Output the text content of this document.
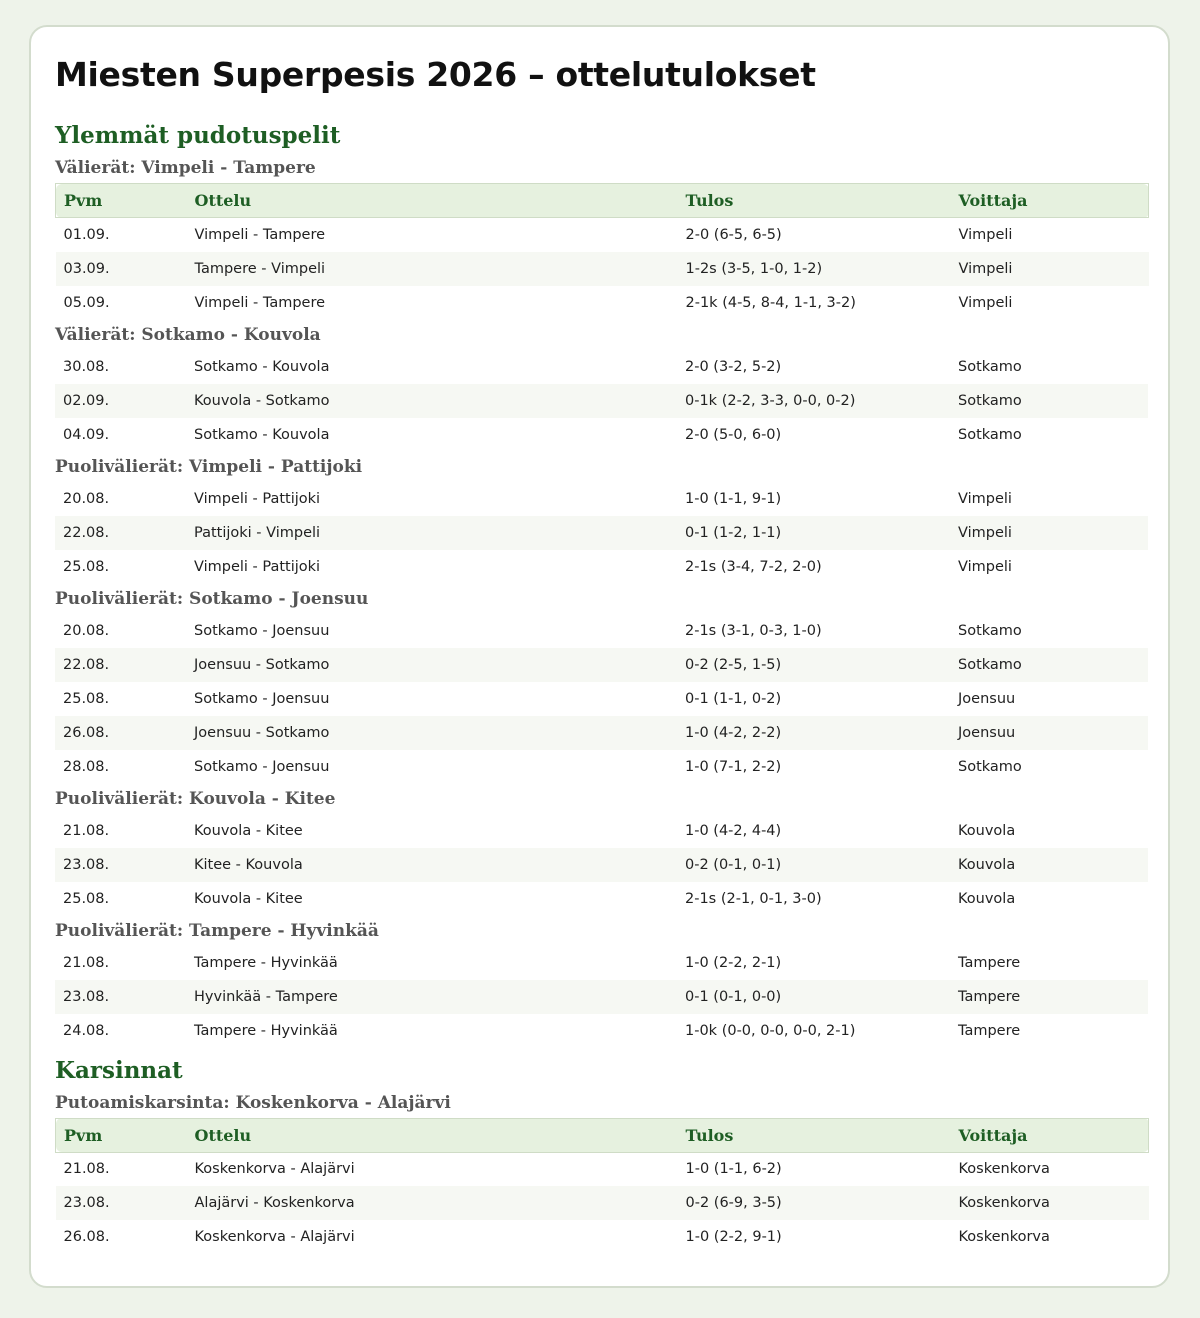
Miesten Superpesis 2026 – ottelutulokset
Ylemmät pudotuspelit
Välierät: Vimpeli - Tampere
Pvm	Ottelu	Tulos	Voittaja
01.09.	Vimpeli - Tampere	2-0 (6-5, 6-5)	Vimpeli
03.09.	Tampere - Vimpeli	1-2s (3-5, 1-0, 1-2)	Vimpeli
05.09.	Vimpeli - Tampere	2-1k (4-5, 8-4, 1-1, 3-2)	Vimpeli
Välierät: Sotkamo - Kouvola
30.08.	Sotkamo - Kouvola	2-0 (3-2, 5-2)	Sotkamo
02.09.	Kouvola - Sotkamo	0-1k (2-2, 3-3, 0-0, 0-2)	Sotkamo
04.09.	Sotkamo - Kouvola	2-0 (5-0, 6-0)	Sotkamo
Puolivälierät: Vimpeli - Pattijoki
20.08.	Vimpeli - Pattijoki	1-0 (1-1, 9-1)	Vimpeli
22.08.	Pattijoki - Vimpeli	0-1 (1-2, 1-1)	Vimpeli
25.08.	Vimpeli - Pattijoki	2-1s (3-4, 7-2, 2-0)	Vimpeli
Puolivälierät: Sotkamo - Joensuu
20.08.	Sotkamo - Joensuu	2-1s (3-1, 0-3, 1-0)	Sotkamo
22.08.	Joensuu - Sotkamo	0-2 (2-5, 1-5)	Sotkamo
25.08.	Sotkamo - Joensuu	0-1 (1-1, 0-2)	Joensuu
26.08.	Joensuu - Sotkamo	1-0 (4-2, 2-2)	Joensuu
28.08.	Sotkamo - Joensuu	1-0 (7-1, 2-2)	Sotkamo
Puolivälierät: Kouvola - Kitee
21.08.	Kouvola - Kitee	1-0 (4-2, 4-4)	Kouvola
23.08.	Kitee - Kouvola	0-2 (0-1, 0-1)	Kouvola
25.08.	Kouvola - Kitee	2-1s (2-1, 0-1, 3-0)	Kouvola
Puolivälierät: Tampere - Hyvinkää
21.08.	Tampere - Hyvinkää	1-0 (2-2, 2-1)	Tampere
23.08.	Hyvinkää - Tampere	0-1 (0-1, 0-0)	Tampere
24.08.	Tampere - Hyvinkää	1-0k (0-0, 0-0, 0-0, 2-1)	Tampere
Karsinnat
Putoamiskarsinta: Koskenkorva - Alajärvi
Pvm	Ottelu	Tulos	Voittaja
21.08.	Koskenkorva - Alajärvi	1-0 (1-1, 6-2)	Koskenkorva
23.08.	Alajärvi - Koskenkorva	0-2 (6-9, 3-5)	Koskenkorva
26.08.	Koskenkorva - Alajärvi	1-0 (2-2, 9-1)	Koskenkorva
